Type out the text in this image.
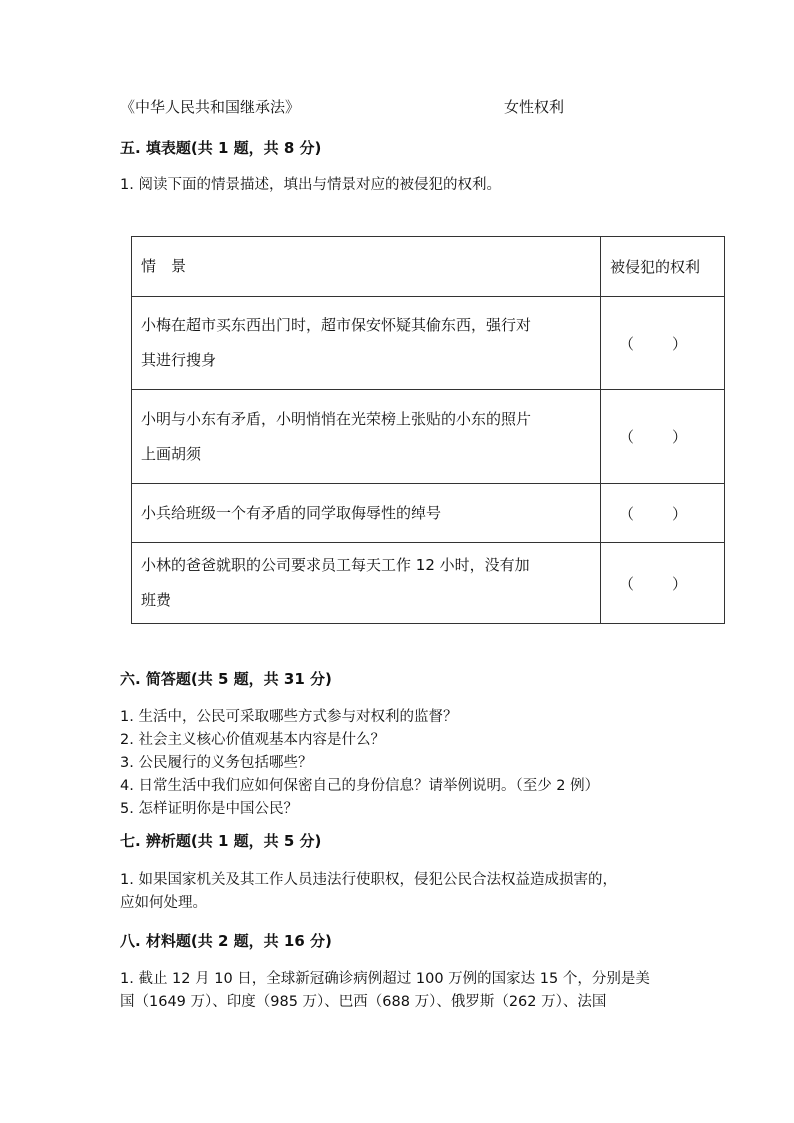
《中华人民共和国继承法》	女性权利
五. 填表题(共 1 题，共 8 分)
1. 阅读下面的情景描述，填出与情景对应的被侵犯的权利。
情　景	被侵犯的权利

小梅在超市买东西出门时，超市保安怀疑其偷东西，强行对
其进行搜身	（ ）

小明与小东有矛盾，小明悄悄在光荣榜上张贴的小东的照片
上画胡须	（ ）

小兵给班级一个有矛盾的同学取侮辱性的绰号	（ ）

小林的爸爸就职的公司要求员工每天工作 12 小时，没有加
班费	（ ）
六. 简答题(共 5 题，共 31 分)
1. 生活中，公民可采取哪些方式参与对权利的监督？
2. 社会主义核心价值观基本内容是什么？
3. 公民履行的义务包括哪些？
4. 日常生活中我们应如何保密自己的身份信息？请举例说明。（至少 2 例）
5. 怎样证明你是中国公民？
七. 辨析题(共 1 题，共 5 分)
1. 如果国家机关及其工作人员违法行使职权，侵犯公民合法权益造成损害的，
应如何处理。
八. 材料题(共 2 题，共 16 分)
1. 截止 12 月 10 日，全球新冠确诊病例超过 100 万例的国家达 15 个，分别是美
国（1649 万）、印度（985 万）、巴西（688 万）、俄罗斯（262 万）、法国
